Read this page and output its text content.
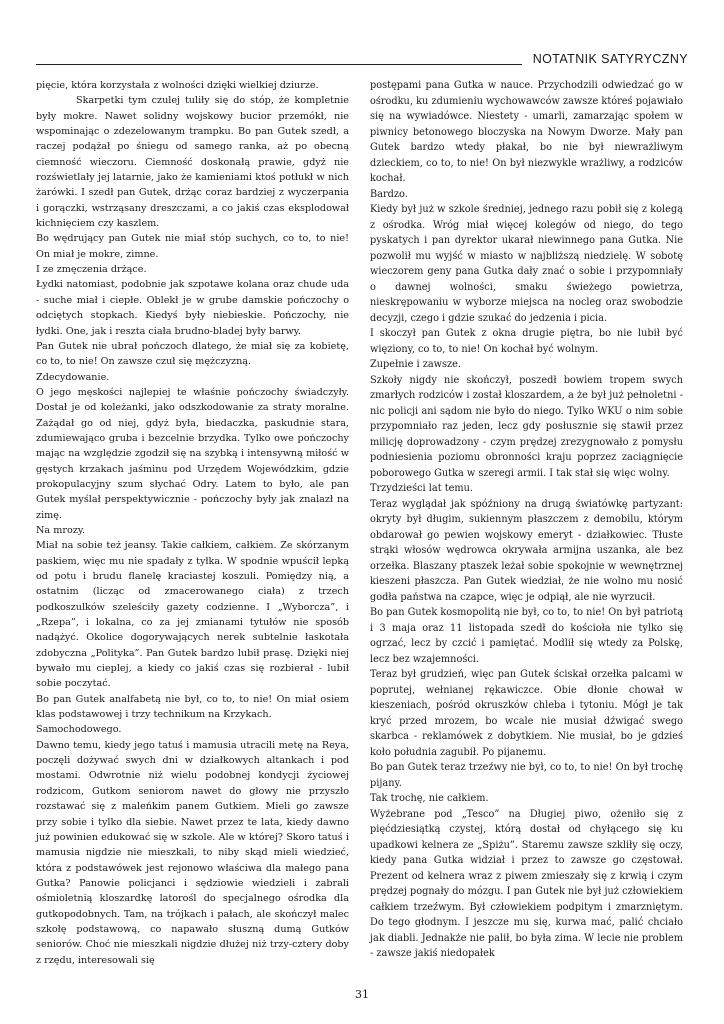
NOTATNIK SATYRYCZNY

pięcie, która korzystała z wolności dzięki wielkiej dziurze.

Skarpetki tym czulej tuliły się do stóp, że kompletnie były mokre. Nawet solidny wojskowy bucior przemókł, nie wspominając o zdezelowanym trampku. Bo pan Gutek szedł, a raczej podążał po śniegu od samego ranka, aż po obecną ciemność wieczoru. Ciemność doskonałą prawie, gdyż nie rozświetlały jej latarnie, jako że kamieniami ktoś potłukł w nich żarówki. I szedł pan Gutek, drżąc coraz bardziej z wyczerpania i gorączki, wstrząsany dreszczami, a co jakiś czas eksplodował kichnięciem czy kaszlem.

Bo wędrujący pan Gutek nie miał stóp suchych, co to, to nie! On miał je mokre, zimne.

I ze zmęczenia drżące.

Łydki natomiast, podobnie jak szpotawe kolana oraz chude uda - suche miał i ciepłe. Oblekł je w grube damskie pończochy o odciętych stopkach. Kiedyś były niebieskie. Pończochy, nie łydki. One, jak i reszta ciała brudno-bladej były barwy.

Pan Gutek nie ubrał pończoch dlatego, że miał się za kobietę, co to, to nie! On zawsze czuł się mężczyzną.

Zdecydowanie.

O jego męskości najlepiej te właśnie pończochy świadczyły. Dostał je od koleżanki, jako odszkodowanie za straty moralne. Zażądał go od niej, gdyż była, biedaczka, paskudnie stara, zdumiewająco gruba i bezcelnie brzydka. Tylko owe pończochy mając na względzie zgodził się na szybką i intensywną miłość w gęstych krzakach jaśminu pod Urzędem Wojewódzkim, gdzie prokopulacyjny szum słychać Odry. Latem to było, ale pan Gutek myślał perspektywicznie - pończochy były jak znalazł na zimę.

Na mrozy.

Miał na sobie też jeansy. Takie całkiem, całkiem. Ze skórzanym paskiem, więc mu nie spadały z tyłka. W spodnie wpuścił lepką od potu i brudu flanelę kraciastej koszuli. Pomiędzy nią, a ostatnim (licząc od zmacerowanego ciała) z trzech podkoszulków szeleściły gazety codzienne. I „Wyborcza”, i „Rzepa”, i lokalna, co za jej zmianami tytułów nie sposób nadążyć. Okolice dogorywających nerek subtelnie łaskotała zdobyczna „Polityka”. Pan Gutek bardzo lubił prasę. Dzięki niej bywało mu cieplej, a kiedy co jakiś czas się rozbierał - lubił sobie poczytać.

Bo pan Gutek analfabetą nie był, co to, to nie! On miał osiem klas podstawowej i trzy technikum na Krzykach.

Samochodowego.

Dawno temu, kiedy jego tatuś i mamusia utracili metę na Reya, poczęli dożywać swych dni w działkowych altankach i pod mostami. Odwrotnie niż wielu podobnej kondycji życiowej rodzicom, Gutkom seniorom nawet do głowy nie przyszło rozstawać się z maleńkim panem Gutkiem. Mieli go zawsze przy sobie i tylko dla siebie. Nawet przez te lata, kiedy dawno już powinien edukować się w szkole. Ale w której? Skoro tatuś i mamusia nigdzie nie mieszkali, to niby skąd mieli wiedzieć, która z podstawówek jest rejonowo właściwa dla małego pana Gutka? Panowie policjanci i sędziowie wiedzieli i zabrali ośmioletnią kloszardkę latorośl do specjalnego ośrodka dla gutkopodobnych. Tam, na trójkach i pałach, ale skończył malec szkołę podstawową, co napawało słuszną dumą Gutków seniorów. Choć nie mieszkali nigdzie dłużej niż trzy-cztery doby z rzędu, interesowali się

postępami pana Gutka w nauce. Przychodzili odwiedzać go w ośrodku, ku zdumieniu wychowawców zawsze któreś pojawiało się na wywiadówce. Niestety - umarli, zamarzając społem w piwnicy betonowego bloczyska na Nowym Dworze. Mały pan Gutek bardzo wtedy płakał, bo nie był niewrażliwym dzieckiem, co to, to nie! On był niezwykle wrażliwy, a rodziców kochał.

Bardzo.

Kiedy był już w szkole średniej, jednego razu pobił się z kolegą z ośrodka. Wróg miał więcej kolegów od niego, do tego pyskatych i pan dyrektor ukarał niewinnego pana Gutka. Nie pozwolił mu wyjść w miasto w najbliższą niedzielę. W sobotę wieczorem geny pana Gutka dały znać o sobie i przypomniały o dawnej wolności, smaku świeżego powietrza, nieskrępowaniu w wyborze miejsca na nocleg oraz swobodzie decyzji, czego i gdzie szukać do jedzenia i picia.

I skoczył pan Gutek z okna drugie piętra, bo nie lubił być więziony, co to, to nie! On kochał być wolnym.

Zupełnie i zawsze.

Szkoły nigdy nie skończył, poszedł bowiem tropem swych zmarłych rodziców i został kloszardem, a że był już pełnoletni - nic policji ani sądom nie było do niego. Tylko WKU o nim sobie przypomniało raz jeden, lecz gdy posłusznie się stawił przez milicję doprowadzony - czym prędzej zrezygnowało z pomysłu podniesienia poziomu obronności kraju poprzez zaciągnięcie poborowego Gutka w szeregi armii. I tak stał się więc wolny.

Trzydzieści lat temu.

Teraz wyglądał jak spóźniony na drugą światówkę partyzant: okryty był długim, sukiennym płaszczem z demobilu, którym obdarował go pewien wojskowy emeryt - działkowiec. Tłuste strąki włosów wędrowca okrywała armijna uszanka, ale bez orzełka. Blaszany ptaszek leżał sobie spokojnie w wewnętrznej kieszeni płaszcza. Pan Gutek wiedział, że nie wolno mu nosić godła państwa na czapce, więc je odpiął, ale nie wyrzucił.

Bo pan Gutek kosmopolitą nie był, co to, to nie! On był patriotą i 3 maja oraz 11 listopada szedł do kościoła nie tylko się ogrzać, lecz by czcić i pamiętać. Modlił się wtedy za Polskę, lecz bez wzajemności.

Teraz był grudzień, więc pan Gutek ściskał orzełka palcami w poprutej, wełnianej rękawiczce. Obie dłonie chował w kieszeniach, pośród okruszków chleba i tytoniu. Mógł je tak kryć przed mrozem, bo wcale nie musiał dźwigać swego skarbca - reklamówek z dobytkiem. Nie musiał, bo je gdzieś koło południa zagubił. Po pijanemu.

Bo pan Gutek teraz trzeźwy nie był, co to, to nie! On był trochę pijany.

Tak trochę, nie całkiem.

Wyżebrane pod „Tesco” na Długiej piwo, ożeniło się z pięćdziesiątką czystej, którą dostał od chyłącego się ku upadkowi kelnera ze „Spiżu”. Staremu zawsze szkliły się oczy, kiedy pana Gutka widział i przez to zawsze go częstował. Prezent od kelnera wraz z piwem zmieszały się z krwią i czym prędzej pognały do mózgu. I pan Gutek nie był już człowiekiem całkiem trzeźwym. Był człowiekiem podpitym i zmarzniętym. Do tego głodnym. I jeszcze mu się, kurwa mać, palić chciało jak diabli. Jednakże nie palił, bo była zima. W lecie nie problem - zawsze jakiś niedopałek

31
